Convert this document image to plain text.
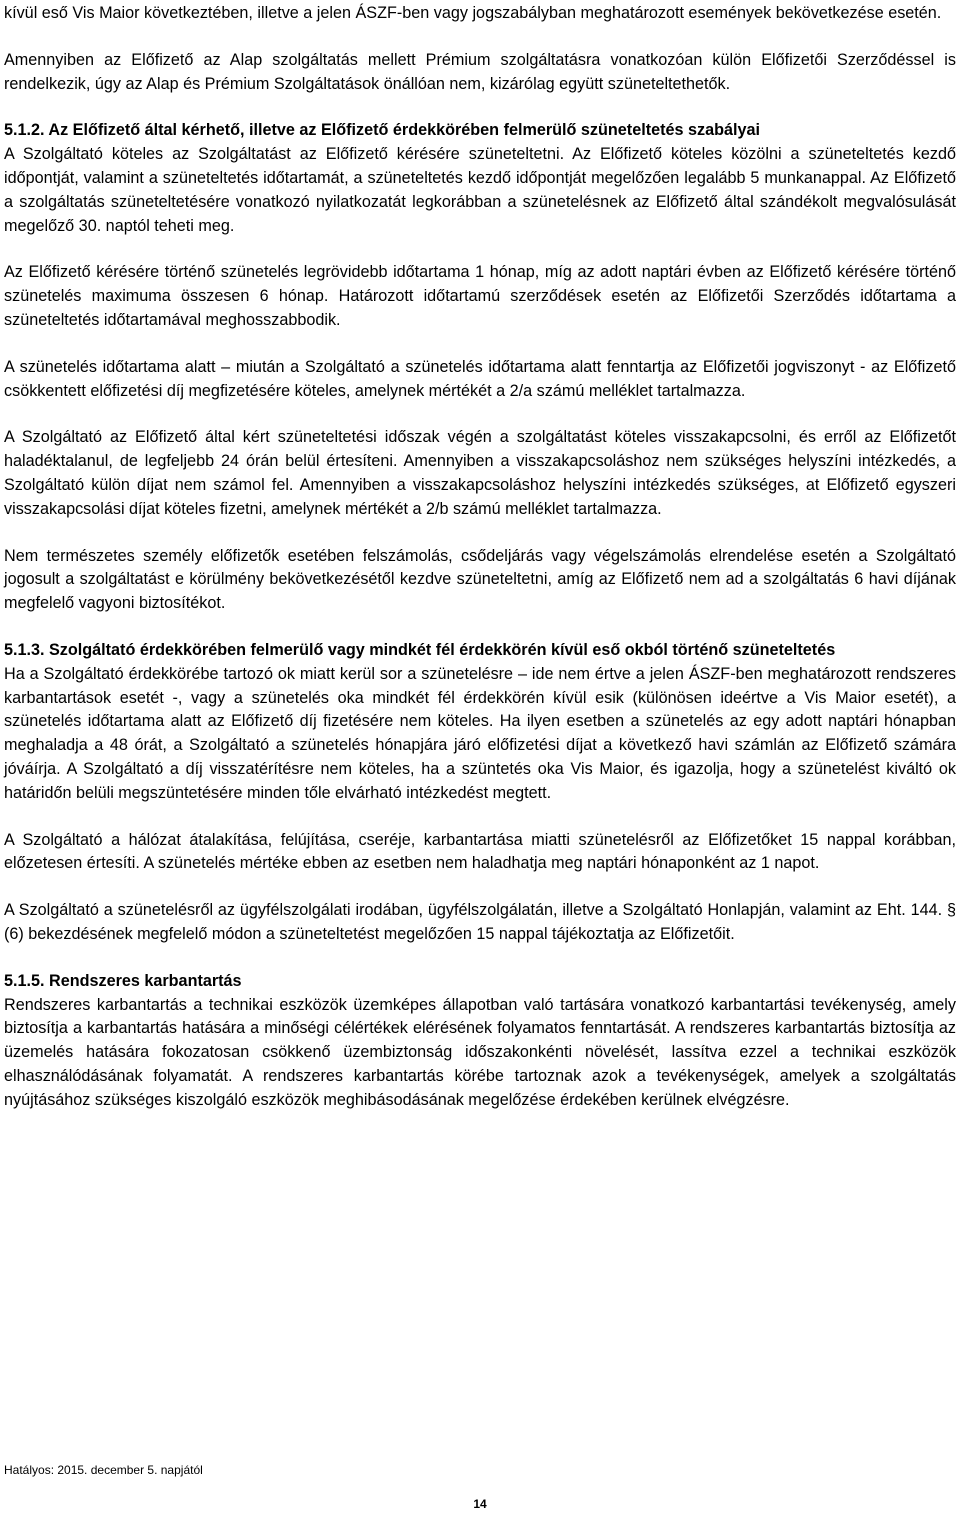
kívül eső Vis Maior következtében, illetve a jelen ÁSZF-ben vagy jogszabályban meghatározott események bekövetkezése esetén.

Amennyiben az Előfizető az Alap szolgáltatás mellett Prémium szolgáltatásra vonatkozóan külön Előfizetői Szerződéssel is rendelkezik, úgy az Alap és Prémium Szolgáltatások önállóan nem, kizárólag együtt szüneteltethetők.

5.1.2. Az Előfizető által kérhető, illetve az Előfizető érdekkörében felmerülő szüneteltetés szabályai

A Szolgáltató köteles az Szolgáltatást az Előfizető kérésére szüneteltetni. Az Előfizető köteles közölni a szüneteltetés kezdő időpontját, valamint a szüneteltetés időtartamát, a szüneteltetés kezdő időpontját megelőzően legalább 5 munkanappal. Az Előfizető a szolgáltatás szüneteltetésére vonatkozó nyilatkozatát legkorábban a szünetelésnek az Előfizető által szándékolt megvalósulását megelőző 30. naptól teheti meg.

Az Előfizető kérésére történő szünetelés legrövidebb időtartama 1 hónap, míg az adott naptári évben az Előfizető kérésére történő szünetelés maximuma összesen 6 hónap. Határozott időtartamú szerződések esetén az Előfizetői Szerződés időtartama a szüneteltetés időtartamával meghosszabbodik.

A szünetelés időtartama alatt – miután a Szolgáltató a szünetelés időtartama alatt fenntartja az Előfizetői jogviszonyt - az Előfizető csökkentett előfizetési díj megfizetésére köteles, amelynek mértékét a 2/a számú melléklet tartalmazza.

A Szolgáltató az Előfizető által kért szüneteltetési időszak végén a szolgáltatást köteles visszakapcsolni, és erről az Előfizetőt haladéktalanul, de legfeljebb 24 órán belül értesíteni. Amennyiben a visszakapcsoláshoz nem szükséges helyszíni intézkedés, a Szolgáltató külön díjat nem számol fel. Amennyiben a visszakapcsoláshoz helyszíni intézkedés szükséges, at Előfizető egyszeri visszakapcsolási díjat köteles fizetni, amelynek mértékét a 2/b számú melléklet tartalmazza.

Nem természetes személy előfizetők esetében felszámolás, csődeljárás vagy végelszámolás elrendelése esetén a Szolgáltató jogosult a szolgáltatást e körülmény bekövetkezésétől kezdve szüneteltetni, amíg az Előfizető nem ad a szolgáltatás 6 havi díjának megfelelő vagyoni biztosítékot.

5.1.3. Szolgáltató érdekkörében felmerülő vagy mindkét fél érdekkörén kívül eső okból történő szüneteltetés

Ha a Szolgáltató érdekkörébe tartozó ok miatt kerül sor a szünetelésre – ide nem értve a jelen ÁSZF-ben meghatározott rendszeres karbantartások esetét -, vagy a szünetelés oka mindkét fél érdekkörén kívül esik (különösen ideértve a Vis Maior esetét), a szünetelés időtartama alatt az Előfizető díj fizetésére nem köteles. Ha ilyen esetben a szünetelés az egy adott naptári hónapban meghaladja a 48 órát, a Szolgáltató a szünetelés hónapjára járó előfizetési díjat a következő havi számlán az Előfizető számára jóváírja. A Szolgáltató a díj visszatérítésre nem köteles, ha a szüntetés oka Vis Maior, és igazolja, hogy a szünetelést kiváltó ok határidőn belüli megszüntetésére minden tőle elvárható intézkedést megtett.

A Szolgáltató a hálózat átalakítása, felújítása, cseréje, karbantartása miatti szünetelésről az Előfizetőket 15 nappal korábban, előzetesen értesíti. A szünetelés mértéke ebben az esetben nem haladhatja meg naptári hónaponként az 1 napot.

A Szolgáltató a szünetelésről az ügyfélszolgálati irodában, ügyfélszolgálatán, illetve a Szolgáltató Honlapján, valamint az Eht. 144. § (6) bekezdésének megfelelő módon a szüneteltetést megelőzően 15 nappal tájékoztatja az Előfizetőit.

5.1.5. Rendszeres karbantartás

Rendszeres karbantartás a technikai eszközök üzemképes állapotban való tartására vonatkozó karbantartási tevékenység, amely biztosítja a karbantartás hatására a minőségi célértékek elérésének folyamatos fenntartását. A rendszeres karbantartás biztosítja az üzemelés hatására fokozatosan csökkenő üzembiztonság időszakonkénti növelését, lassítva ezzel a technikai eszközök elhasználódásának folyamatát. A rendszeres karbantartás körébe tartoznak azok a tevékenységek, amelyek a szolgáltatás nyújtásához szükséges kiszolgáló eszközök meghibásodásának megelőzése érdekében kerülnek elvégzésre.

Hatályos: 2015. december 5. napjától
14
